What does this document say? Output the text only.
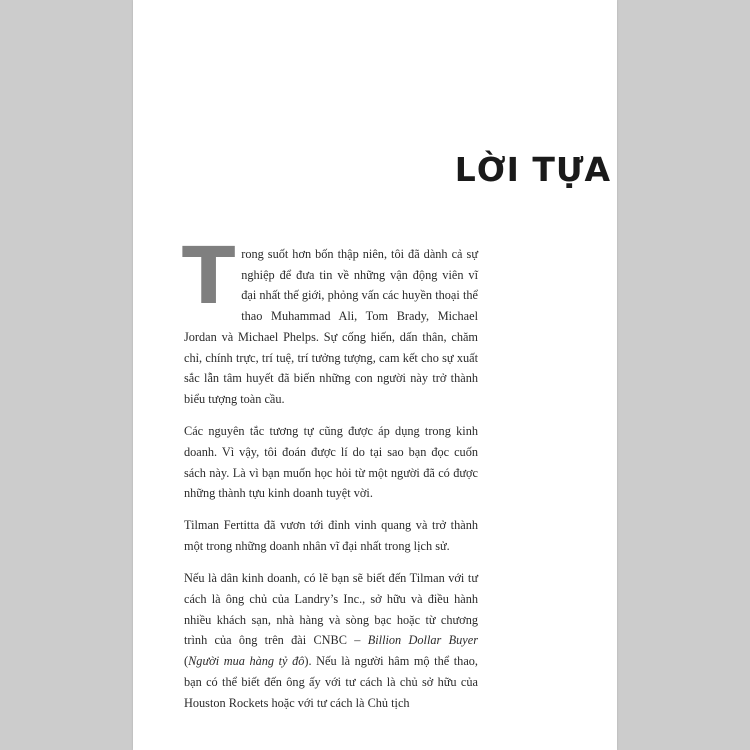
LỜI TỰA

Trong suốt hơn bốn thập niên, tôi đã dành cả sự nghiệp để đưa tin về những vận động viên vĩ đại nhất thế giới, phỏng vấn các huyền thoại thể thao Muhammad Ali, Tom Brady, Michael Jordan và Michael Phelps. Sự cống hiến, dấn thân, chăm chỉ, chính trực, trí tuệ, trí tưởng tượng, cam kết cho sự xuất sắc lẫn tâm huyết đã biến những con người này trở thành biểu tượng toàn cầu.

Các nguyên tắc tương tự cũng được áp dụng trong kinh doanh. Vì vậy, tôi đoán được lí do tại sao bạn đọc cuốn sách này. Là vì bạn muốn học hỏi từ một người đã có được những thành tựu kinh doanh tuyệt vời.

Tilman Fertitta đã vươn tới đỉnh vinh quang và trở thành một trong những doanh nhân vĩ đại nhất trong lịch sử.

Nếu là dân kinh doanh, có lẽ bạn sẽ biết đến Tilman với tư cách là ông chủ của Landry’s Inc., sở hữu và điều hành nhiều khách sạn, nhà hàng và sòng bạc hoặc từ chương trình của ông trên đài CNBC – Billion Dollar Buyer (Người mua hàng tỷ đô). Nếu là người hâm mộ thể thao, bạn có thể biết đến ông ấy với tư cách là chủ sở hữu của Houston Rockets hoặc với tư cách là Chủ tịch
